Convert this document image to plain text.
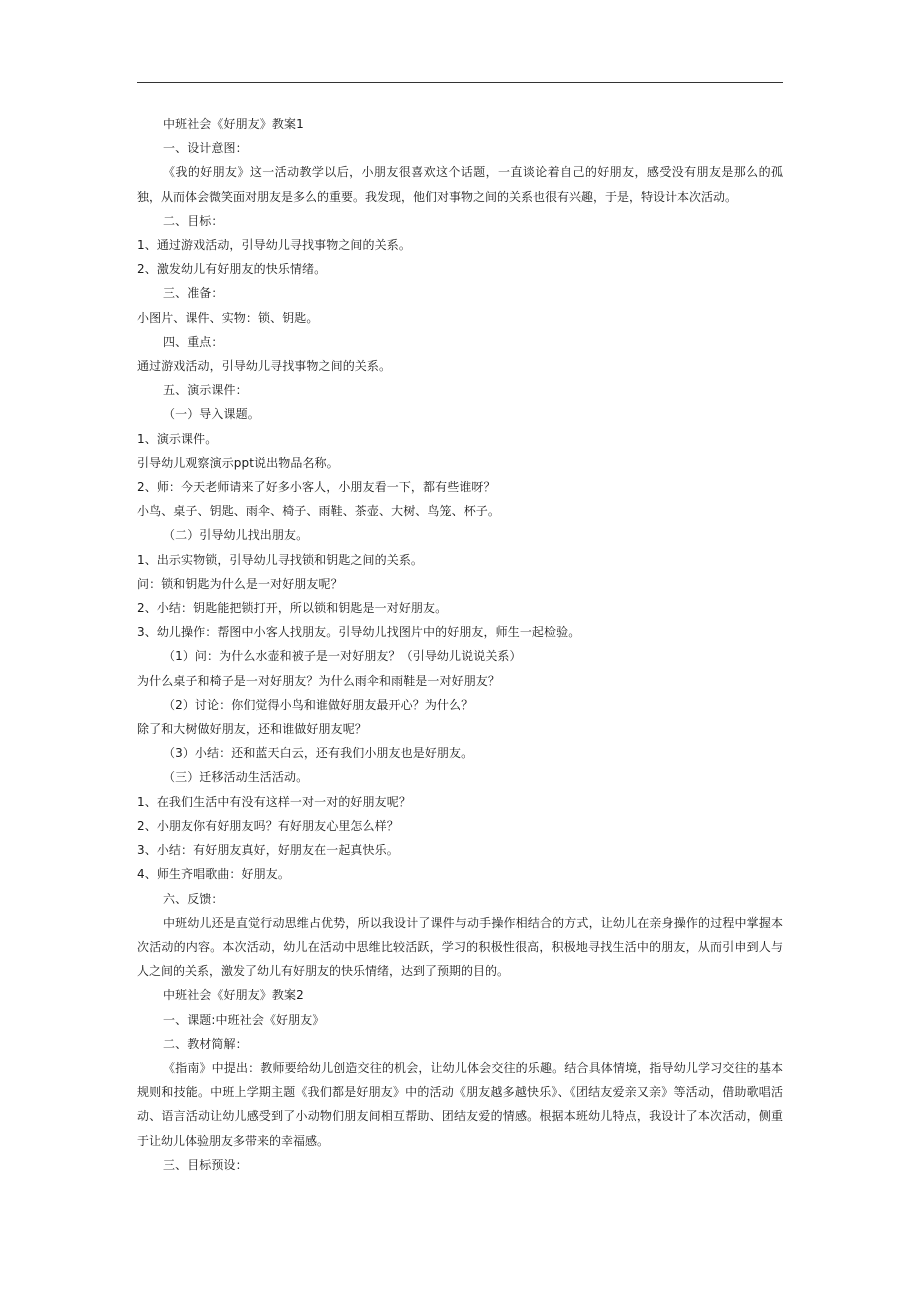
中班社会《好朋友》教案1

一、设计意图：

《我的好朋友》这一活动教学以后，小朋友很喜欢这个话题，一直谈论着自己的好朋友，感受没有朋友是那么的孤独，从而体会微笑面对朋友是多么的重要。我发现，他们对事物之间的关系也很有兴趣，于是，特设计本次活动。

二、目标：

1、通过游戏活动，引导幼儿寻找事物之间的关系。

2、激发幼儿有好朋友的快乐情绪。

三、准备：

小图片、课件、实物：锁、钥匙。

四、重点：

通过游戏活动，引导幼儿寻找事物之间的关系。

五、演示课件：

（一）导入课题。

1、演示课件。

引导幼儿观察演示ppt说出物品名称。

2、师：今天老师请来了好多小客人，小朋友看一下，都有些谁呀？

小鸟、桌子、钥匙、雨伞、椅子、雨鞋、茶壶、大树、鸟笼、杯子。

（二）引导幼儿找出朋友。

1、出示实物锁，引导幼儿寻找锁和钥匙之间的关系。

问：锁和钥匙为什么是一对好朋友呢？

2、小结：钥匙能把锁打开，所以锁和钥匙是一对好朋友。

3、幼儿操作：帮图中小客人找朋友。引导幼儿找图片中的好朋友，师生一起检验。

（1）问：为什么水壶和被子是一对好朋友？（引导幼儿说说关系）

为什么桌子和椅子是一对好朋友？为什么雨伞和雨鞋是一对好朋友？

（2）讨论：你们觉得小鸟和谁做好朋友最开心？为什么？

除了和大树做好朋友，还和谁做好朋友呢？

（3）小结：还和蓝天白云，还有我们小朋友也是好朋友。

（三）迁移活动生活活动。

1、在我们生活中有没有这样一对一对的好朋友呢？

2、小朋友你有好朋友吗？有好朋友心里怎么样？

3、小结：有好朋友真好，好朋友在一起真快乐。

4、师生齐唱歌曲：好朋友。

六、反馈：

中班幼儿还是直觉行动思维占优势，所以我设计了课件与动手操作相结合的方式，让幼儿在亲身操作的过程中掌握本次活动的内容。本次活动，幼儿在活动中思维比较活跃，学习的积极性很高，积极地寻找生活中的朋友，从而引申到人与人之间的关系，激发了幼儿有好朋友的快乐情绪，达到了预期的目的。

中班社会《好朋友》教案2

一、课题:中班社会《好朋友》

二、教材简解：

《指南》中提出：教师要给幼儿创造交往的机会，让幼儿体会交往的乐趣。结合具体情境，指导幼儿学习交往的基本规则和技能。中班上学期主题《我们都是好朋友》中的活动《朋友越多越快乐》、《团结友爱亲又亲》等活动，借助歌唱活动、语言活动让幼儿感受到了小动物们朋友间相互帮助、团结友爱的情感。根据本班幼儿特点，我设计了本次活动，侧重于让幼儿体验朋友多带来的幸福感。

三、目标预设：
